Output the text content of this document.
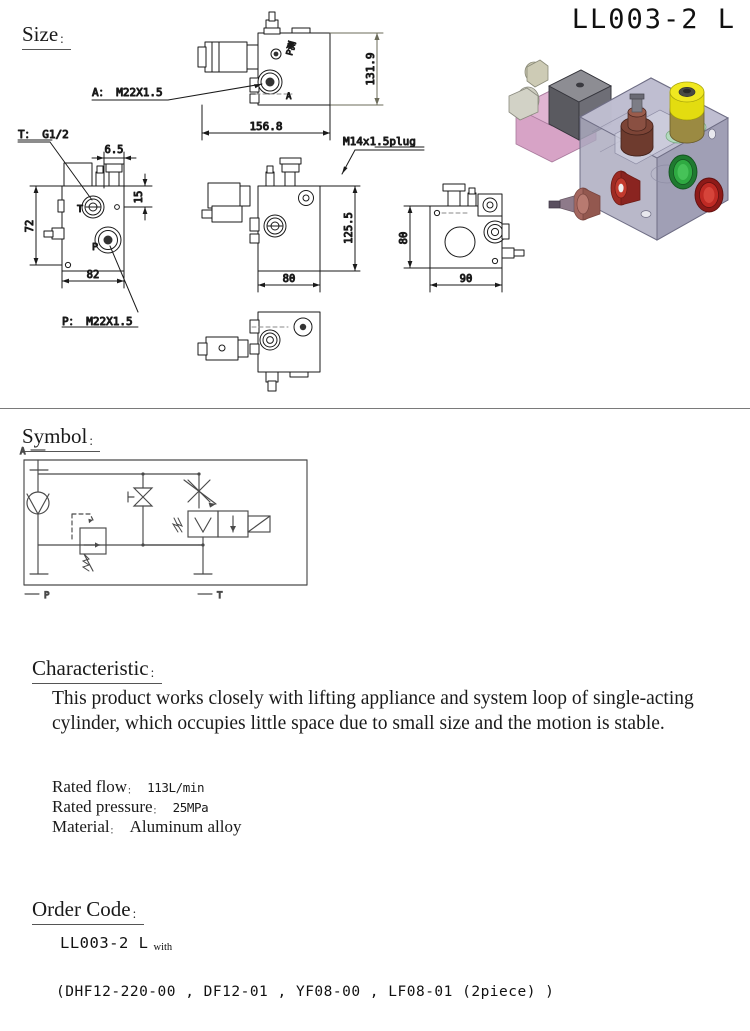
LL003-2 L
Size：
P测
A
131.9
156.8
A： M22X1.5
M14x1.5plug
T
P
T： G1/2
P： M22X1.5
6.5
15
72
82
125.5
80
80
90
Symbol：
A
P	T
Characteristic：
This product works closely with lifting appliance and system loop of single-acting cylinder, which occupies little space due to small size and the motion is stable.
Rated flow： 113L/min
Rated pressure： 25MPa
Material： Aluminum alloy
Order Code：
LL003-2 L with
(DHF12-220-00 , DF12-01 , YF08-00 , LF08-01 (2piece) )
